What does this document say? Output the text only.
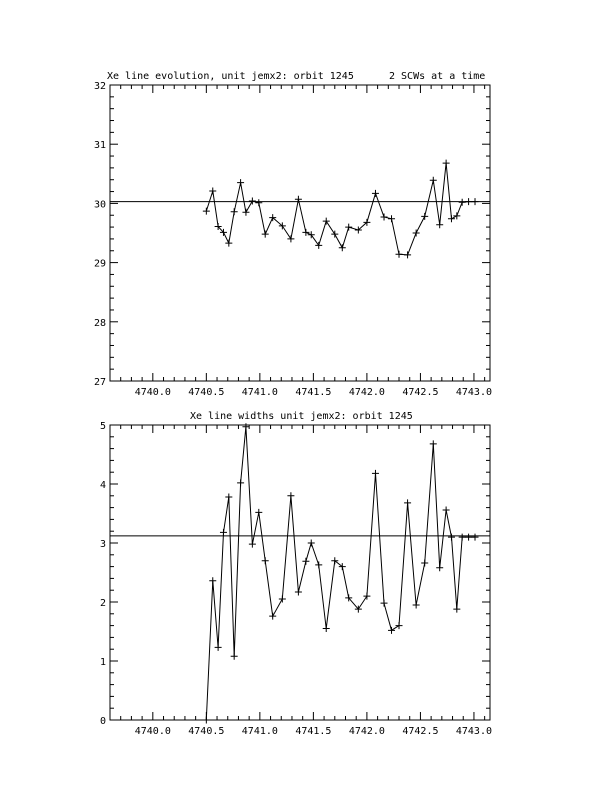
Xe line evolution, unit jemx2: orbit 1245	2 SCWs at a time
4740.0 4740.5 4741.0 4741.5 4742.0 4742.5 4743.0
27
28
29
30
31
32
Xe line widths unit jemx2: orbit 1245
4740.0 4740.5 4741.0 4741.5 4742.0 4742.5 4743.0
0
1
2
3
4
5
